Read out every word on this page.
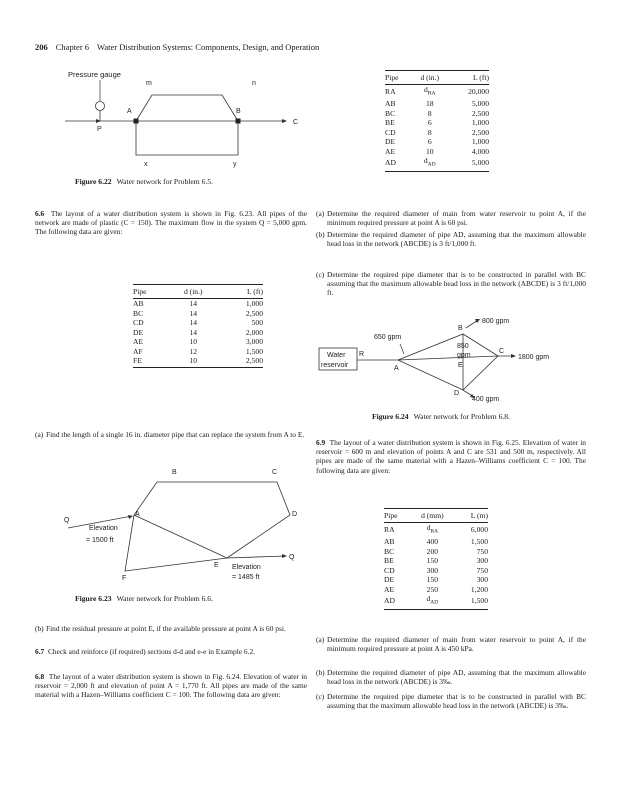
206 Chapter 6 Water Distribution Systems: Components, Design, and Operation
Pressure gauge
m	n
A	B
C
P
x	y
Figure 6.22 Water network for Problem 6.5.
Pipe	d (in.)	L (ft)
RA	$d_{RA}$	20,000
AB	18	5,000
BC	8	2,500
BE	6	1,000
CD	8	2,500
DE	6	1,000
AE	10	4,000
AD	$d_{AD}$	5,000
6.6 The layout of a water distribution system is shown in Fig. 6.23. All pipes of the network are made of plastic (C = 150). The maximum flow in the system Q = 5,000 gpm. The following data are given:
Pipe	d (in.)	L (ft)
AB	14	1,000
BC	14	2,500
CD	14	500
DE	14	2,000
AE	10	3,000
AF	12	1,500
FE	10	2,500
(a) Find the length of a single 16 in. diameter pipe that can replace the system from A to E.
B	C
Q
Q
A	D
Elevation
= 1500 ft
E Elevation
= 1485 ft
F
Figure 6.23 Water network for Problem 6.6.
(b) Find the residual pressure at point E, if the available pressure at point A is 60 psi.
6.7 Check and reinforce (if required) sections d-d and e-e in Example 6.2.
6.8 The layout of a water distribution system is shown in Fig. 6.24. Elevation of water in reservoir = 2,000 ft and elevation of point A = 1,770 ft. All pipes are made of the same material with a Hazen–Williams coefficient C = 100. The following data are given:
(a) Determine the required diameter of main from water reservoir to point A, if the minimum required pressure at point A is 60 psi.
(b) Determine the required diameter of pipe AD, assuming that the maximum allowable head loss in the network (ABCDE) is 3 ft/1,000 ft.
(c) Determine the required pipe diameter that is to be constructed in parallel with BC assuming that the maximum allowable head loss in the network (ABCDE) is 3 ft/1,000 ft.
800 gpm
650 gpm
B
Water
reservoir
R
850
gpm
C
1800 gpm
A	E
D
400 gpm
Figure 6.24 Water network for Problem 6.8.
6.9 The layout of a water distribution system is shown in Fig. 6.25. Elevation of water in reservoir = 600 m and elevation of points A and C are 531 and 500 m, respectively. All pipes are made of the same material with a Hazen–Williams coefficient C = 100. The following data are given:
Pipe	d (mm)	L (m)
RA	$d_{RA}$	6,000
AB	400	1,500
BC	200	750
BE	150	300
CD	300	750
DE	150	300
AE	250	1,200
AD	$d_{AD}$	1,500
(a) Determine the required diameter of main from water reservoir to point A, if the minimum required pressure at point A is 450 kPa.
(b) Determine the required diameter of pipe AD, assuming that the maximum allowable head loss in the network (ABCDE) is 3‰.
(c) Determine the required pipe diameter that is to be constructed in parallel with BC assuming that the maximum allowable head loss in the network (ABCDE) is 3‰.
